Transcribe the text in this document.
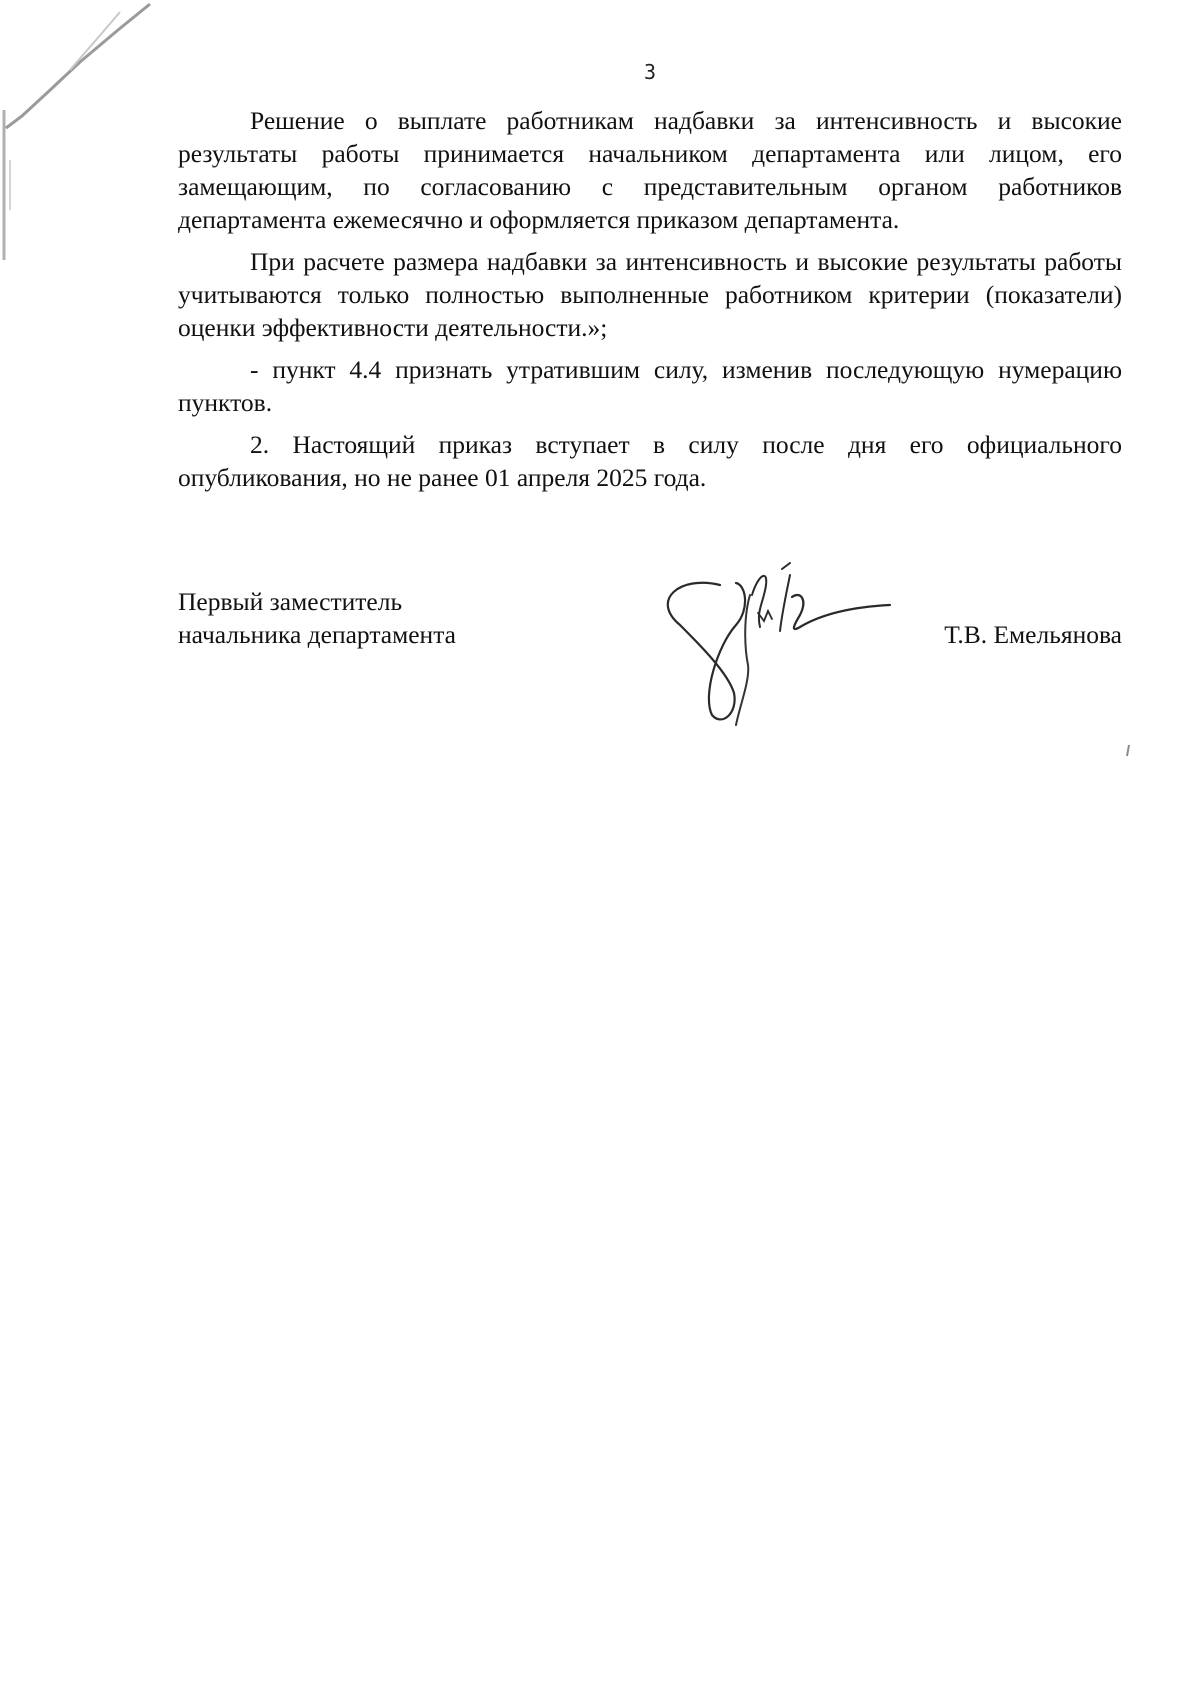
3

Решение о выплате работникам надбавки за интенсивность и высокие результаты работы принимается начальником департамента или лицом, его замещающим, по согласованию с представительным органом работников департамента ежемесячно и оформляется приказом департамента.

При расчете размера надбавки за интенсивность и высокие результаты работы учитываются только полностью выполненные работником критерии (показатели) оценки эффективности деятельности.»;

- пункт 4.4 признать утратившим силу, изменив последующую нумерацию пунктов.

2. Настоящий приказ вступает в силу после дня его официального опубликования, но не ранее 01 апреля 2025 года.

Первый заместитель
начальника департамента	Т.В. Емельянова
